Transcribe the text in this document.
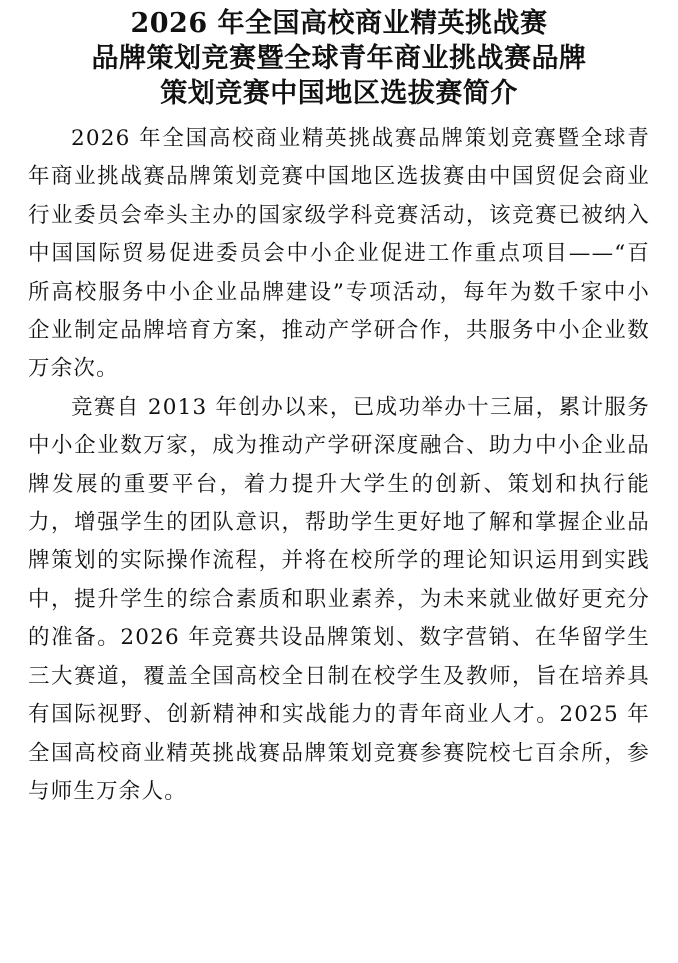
2026 年全国高校商业精英挑战赛
品牌策划竞赛暨全球青年商业挑战赛品牌
策划竞赛中国地区选拔赛简介

2026 年全国高校商业精英挑战赛品牌策划竞赛暨全球青年商业挑战赛品牌策划竞赛中国地区选拔赛由中国贸促会商业行业委员会牵头主办的国家级学科竞赛活动，该竞赛已被纳入中国国际贸易促进委员会中小企业促进工作重点项目——“百所高校服务中小企业品牌建设”专项活动，每年为数千家中小企业制定品牌培育方案，推动产学研合作，共服务中小企业数万余次。

竞赛自 2013 年创办以来，已成功举办十三届，累计服务中小企业数万家，成为推动产学研深度融合、助力中小企业品牌发展的重要平台，着力提升大学生的创新、策划和执行能力，增强学生的团队意识，帮助学生更好地了解和掌握企业品牌策划的实际操作流程，并将在校所学的理论知识运用到实践中，提升学生的综合素质和职业素养，为未来就业做好更充分的准备。2026 年竞赛共设品牌策划、数字营销、在华留学生三大赛道，覆盖全国高校全日制在校学生及教师，旨在培养具有国际视野、创新精神和实战能力的青年商业人才。2025 年全国高校商业精英挑战赛品牌策划竞赛参赛院校七百余所，参与师生万余人。
